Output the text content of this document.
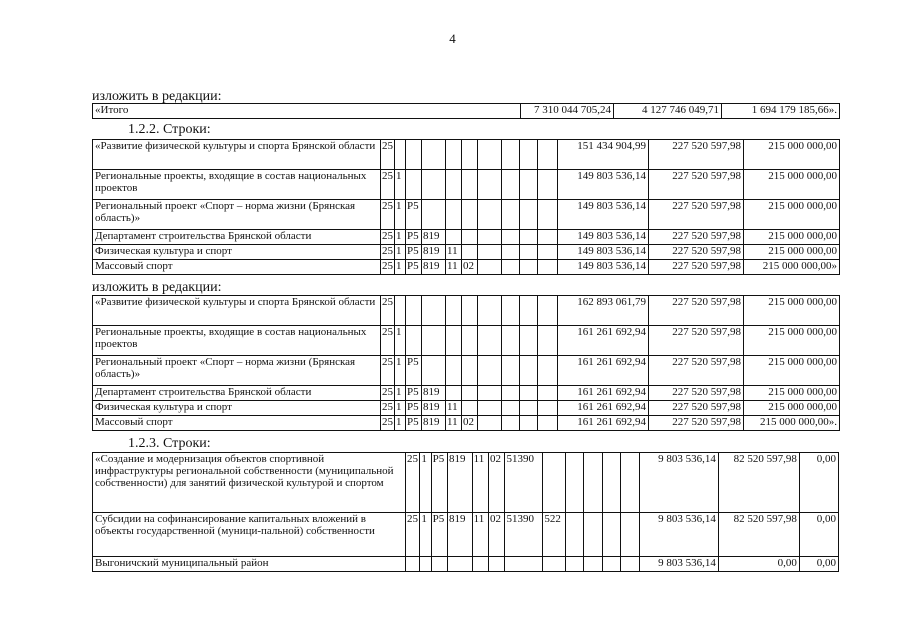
4
изложить в редакции:
«Итого	7 310 044 705,24	4 127 746 049,71	1 694 179 185,66».
1.2.2. Строки:
«Развитие физической культуры и спорта Брянской области	25										151 434 904,99	227 520 597,98	215 000 000,00
Региональные проекты, входящие в состав национальных проектов	25	1									149 803 536,14	227 520 597,98	215 000 000,00
Региональный проект «Спорт – норма жизни (Брянская область)»	25	1	P5								149 803 536,14	227 520 597,98	215 000 000,00
Департамент строительства Брянской области	25	1	P5	819							149 803 536,14	227 520 597,98	215 000 000,00
Физическая культура и спорт	25	1	P5	819	11						149 803 536,14	227 520 597,98	215 000 000,00
Массовый спорт	25	1	P5	819	11	02					149 803 536,14	227 520 597,98	215 000 000,00»
изложить в редакции:
«Развитие физической культуры и спорта Брянской области	25										162 893 061,79	227 520 597,98	215 000 000,00
Региональные проекты, входящие в состав национальных проектов	25	1									161 261 692,94	227 520 597,98	215 000 000,00
Региональный проект «Спорт – норма жизни (Брянская область)»	25	1	P5								161 261 692,94	227 520 597,98	215 000 000,00
Департамент строительства Брянской области	25	1	P5	819							161 261 692,94	227 520 597,98	215 000 000,00
Физическая культура и спорт	25	1	P5	819	11						161 261 692,94	227 520 597,98	215 000 000,00
Массовый спорт	25	1	P5	819	11	02					161 261 692,94	227 520 597,98	215 000 000,00».
1.2.3. Строки:
«Создание и модернизация объектов спортивной инфраструктуры региональной собственности (муниципальной собственности) для занятий физической культурой и спортом	25	1	P5	819	11	02	51390						9 803 536,14	82 520 597,98	0,00
Субсидии на софинансирование капитальных вложений в объекты государственной (муници-пальной) собственности	25	1	P5	819	11	02	51390	522					9 803 536,14	82 520 597,98	0,00
Выгоничский муниципальный район													9 803 536,14	0,00	0,00
